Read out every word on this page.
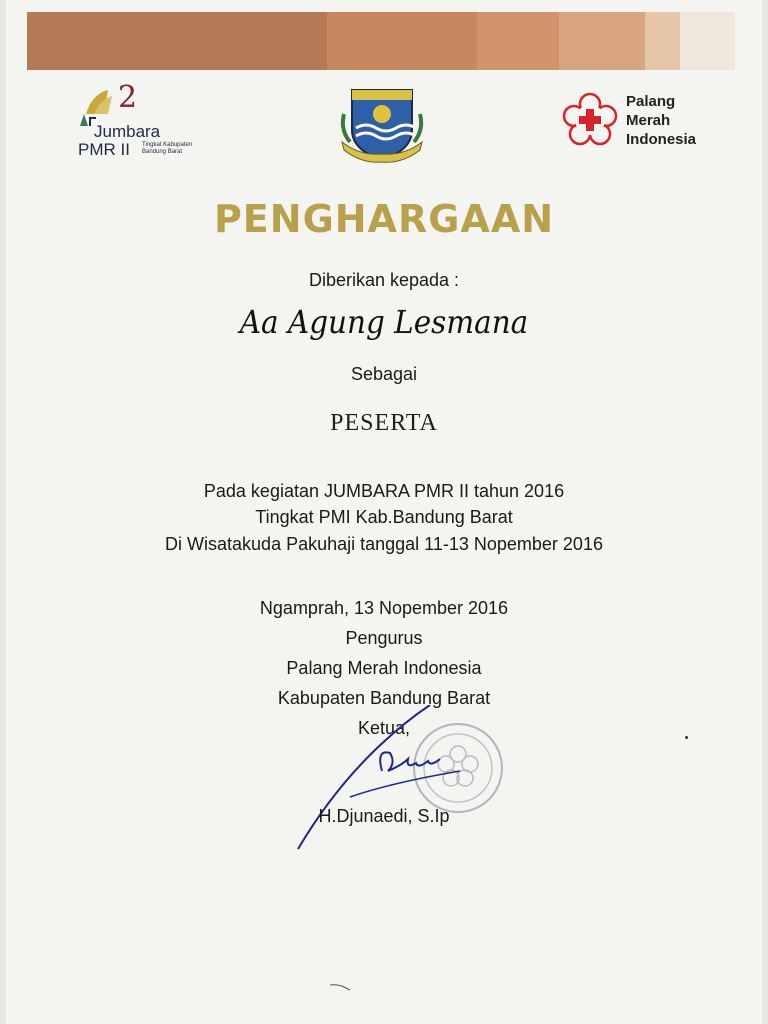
2
Jumbara
PMR II Tingkat Kabupaten
Bandung Barat
Palang
Merah
Indonesia
PENGHARGAAN
Diberikan kepada :
Aa Agung Lesmana
Sebagai
PESERTA
Pada kegiatan JUMBARA PMR II tahun 2016
Tingkat PMI Kab.Bandung Barat
Di Wisatakuda Pakuhaji tanggal 11-13 Nopember 2016
Ngamprah, 13 Nopember 2016
Pengurus
Palang Merah Indonesia
Kabupaten Bandung Barat
Ketua,
H.Djunaedi, S.Ip
